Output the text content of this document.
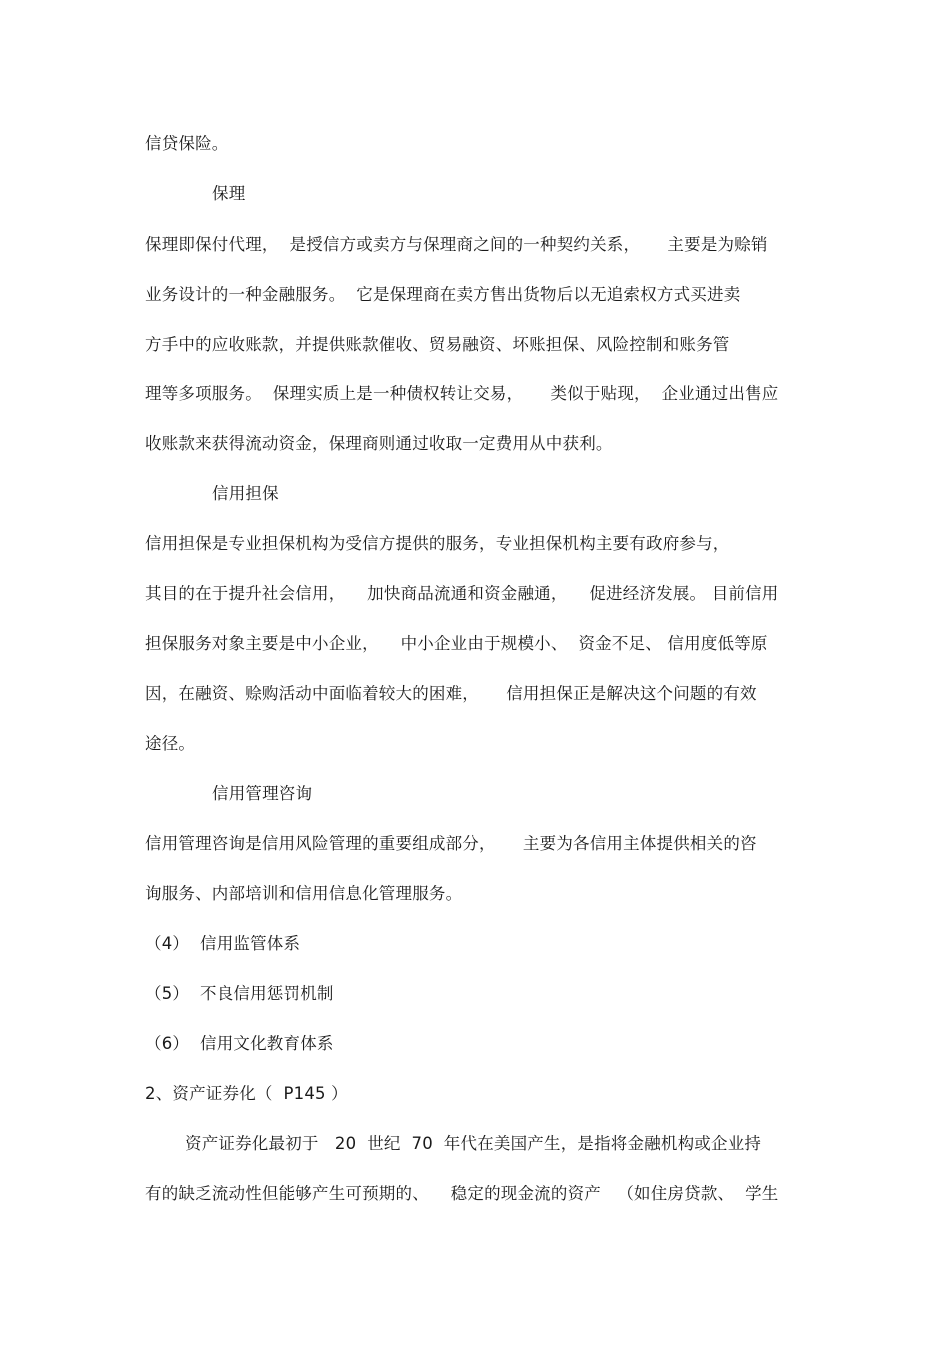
信贷保险。
保理
保理即保付代理，  是授信方或卖方与保理商之间的一种契约关系，     主要是为赊销
业务设计的一种金融服务。  它是保理商在卖方售出货物后以无追索权方式买进卖
方手中的应收账款，并提供账款催收、贸易融资、坏账担保、风险控制和账务管
理等多项服务。  保理实质上是一种债权转让交易，     类似于贴现，  企业通过出售应
收账款来获得流动资金，保理商则通过收取一定费用从中获利。
信用担保
信用担保是专业担保机构为受信方提供的服务，专业担保机构主要有政府参与，
其目的在于提升社会信用，    加快商品流通和资金融通，    促进经济发展。 目前信用
担保服务对象主要是中小企业，    中小企业由于规模小、  资金不足、 信用度低等原
因，在融资、赊购活动中面临着较大的困难，     信用担保正是解决这个问题的有效
途径。
信用管理咨询
信用管理咨询是信用风险管理的重要组成部分，     主要为各信用主体提供相关的咨
询服务、内部培训和信用信息化管理服务。
（4）  信用监管体系
（5）  不良信用惩罚机制
（6）  信用文化教育体系
2、资产证券化（  P145 ）
资产证券化最初于   20  世纪  70  年代在美国产生，是指将金融机构或企业持
有的缺乏流动性但能够产生可预期的、    稳定的现金流的资产   （如住房贷款、  学生
